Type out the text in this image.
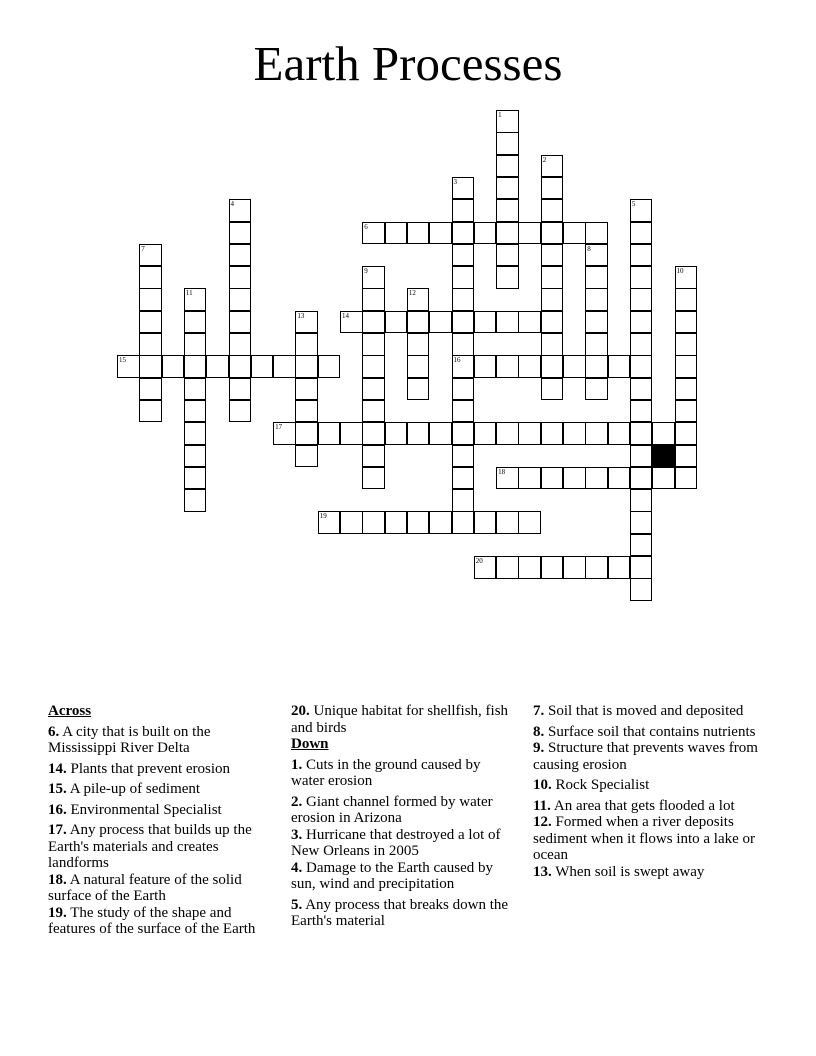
Earth Processes
1
2
3
16
4	5
6
7	8
9	10
11	12
13	14
15
17
18
19
20
Across
6. A city that is built on the Mississippi River Delta
14. Plants that prevent erosion
15. A pile-up of sediment
16. Environmental Specialist
17. Any process that builds up the Earth's materials and creates landforms
18. A natural feature of the solid surface of the Earth
19. The study of the shape and features of the surface of the Earth
20. Unique habitat for shellfish, fish and birds
Down
1. Cuts in the ground caused by water erosion
2. Giant channel formed by water erosion in Arizona
3. Hurricane that destroyed a lot of New Orleans in 2005
4. Damage to the Earth caused by sun, wind and precipitation
5. Any process that breaks down the Earth's material
7. Soil that is moved and deposited
8. Surface soil that contains nutrients
9. Structure that prevents waves from causing erosion
10. Rock Specialist
11. An area that gets flooded a lot
12. Formed when a river deposits sediment when it flows into a lake or ocean
13. When soil is swept away
